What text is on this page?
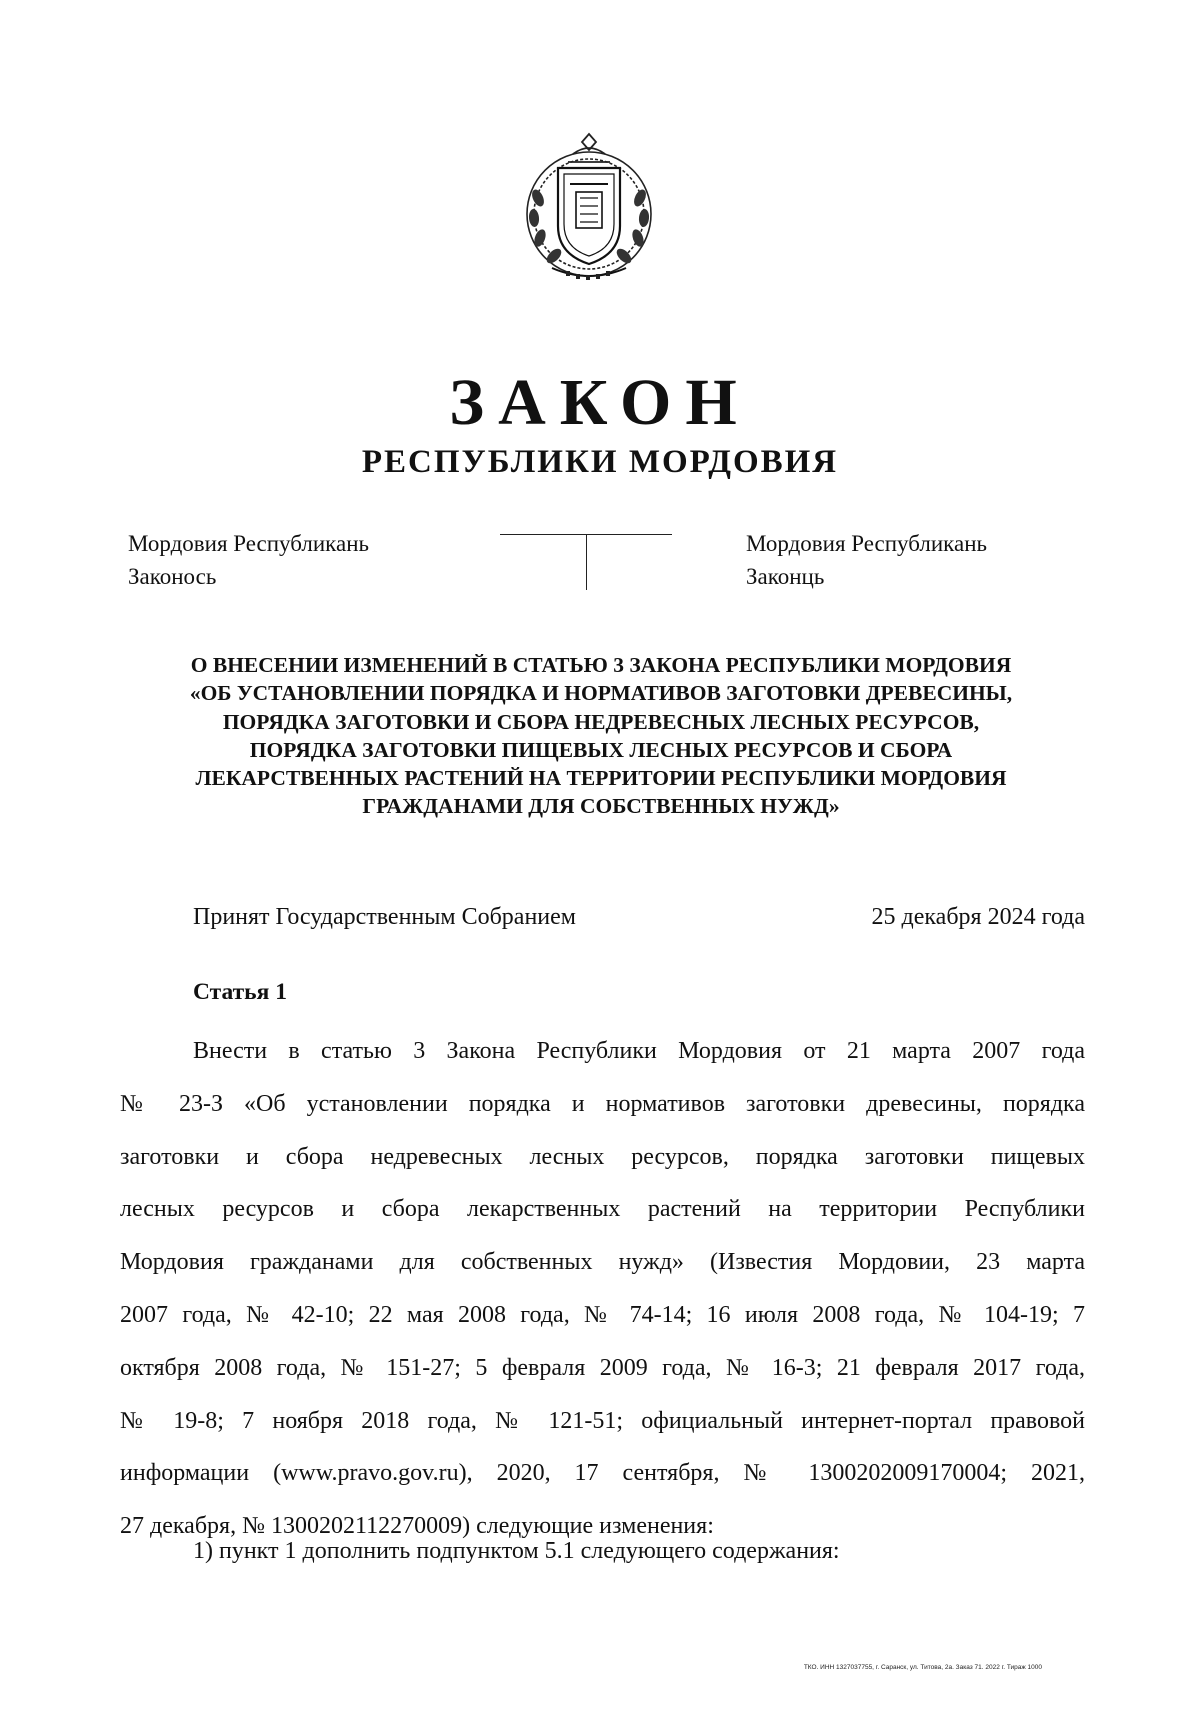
ЗАКОН
РЕСПУБЛИКИ МОРДОВИЯ
Мордовия Республикань
Законось
Мордовия Республикань
Законць
О ВНЕСЕНИИ ИЗМЕНЕНИЙ В СТАТЬЮ 3 ЗАКОНА РЕСПУБЛИКИ МОРДОВИЯ
«ОБ УСТАНОВЛЕНИИ ПОРЯДКА И НОРМАТИВОВ ЗАГОТОВКИ ДРЕВЕСИНЫ,
ПОРЯДКА ЗАГОТОВКИ И СБОРА НЕДРЕВЕСНЫХ ЛЕСНЫХ РЕСУРСОВ,
ПОРЯДКА ЗАГОТОВКИ ПИЩЕВЫХ ЛЕСНЫХ РЕСУРСОВ И СБОРА
ЛЕКАРСТВЕННЫХ РАСТЕНИЙ НА ТЕРРИТОРИИ РЕСПУБЛИКИ МОРДОВИЯ
ГРАЖДАНАМИ ДЛЯ СОБСТВЕННЫХ НУЖД»
Принят Государственным Собранием	25 декабря 2024 года
Статья 1
Внести в статью 3 Закона Республики Мордовия от 21 марта 2007 года
№ 23-З «Об установлении порядка и нормативов заготовки древесины, порядка
заготовки и сбора недревесных лесных ресурсов, порядка заготовки пищевых
лесных ресурсов и сбора лекарственных растений на территории Республики
Мордовия гражданами для собственных нужд» (Известия Мордовии, 23 марта
2007 года, № 42-10; 22 мая 2008 года, № 74-14; 16 июля 2008 года, № 104-19; 7
октября 2008 года, № 151-27; 5 февраля 2009 года, № 16-3; 21 февраля 2017 года,
№ 19-8; 7 ноября 2018 года, № 121-51; официальный интернет-портал правовой
информации (www.pravo.gov.ru), 2020, 17 сентября, № 1300202009170004; 2021,
27 декабря, № 1300202112270009) следующие изменения:
1) пункт 1 дополнить подпунктом 5.1 следующего содержания:
ТКО. ИНН 1327037755, г. Саранск, ул. Титова, 2а. Заказ 71. 2022 г. Тираж 1000
